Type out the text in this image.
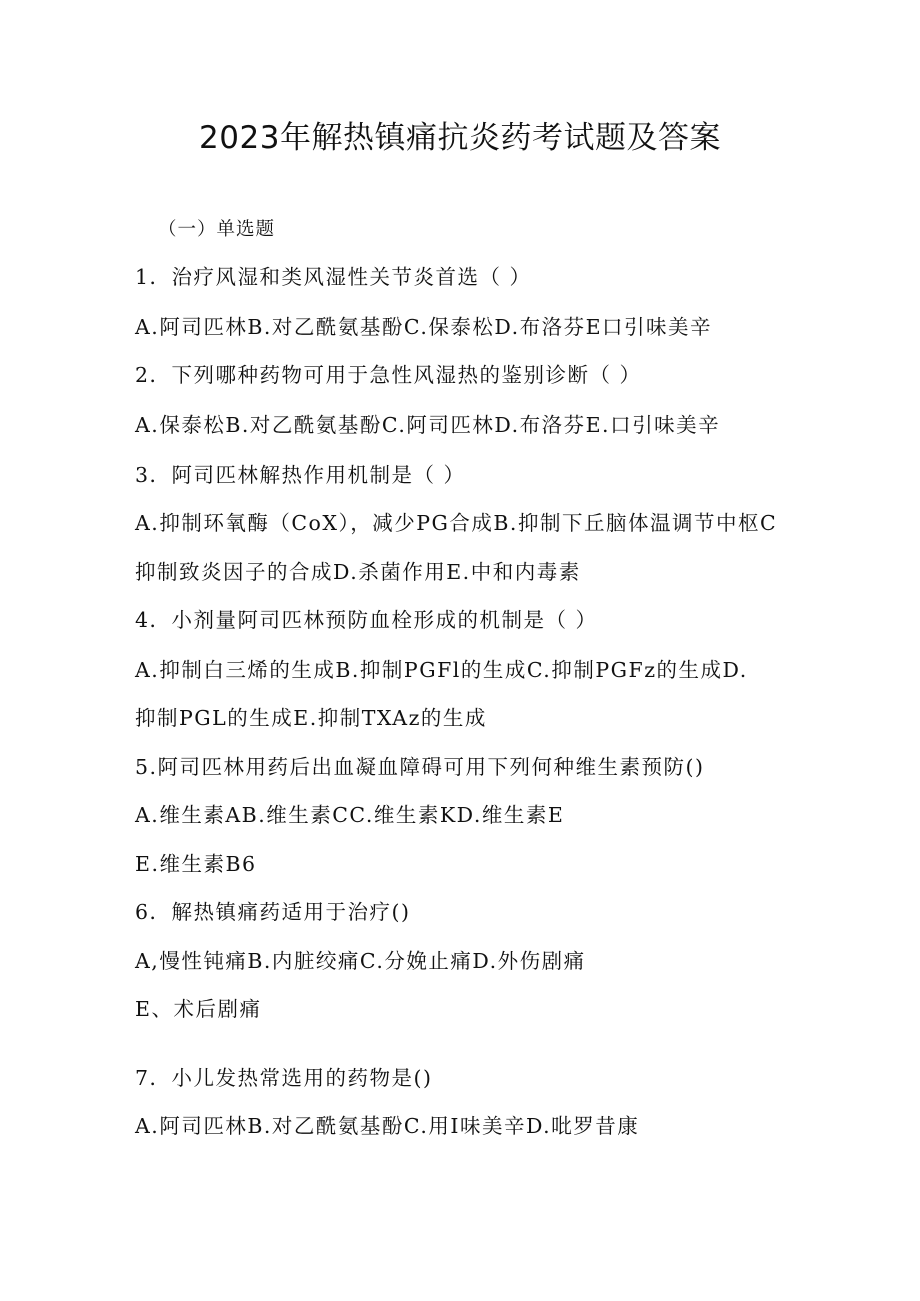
2023年解热镇痛抗炎药考试题及答案
（一）单选题
1．治疗风湿和类风湿性关节炎首选（ ）
A.阿司匹林B.对乙酰氨基酚C.保泰松D.布洛芬E口引味美辛
2．下列哪种药物可用于急性风湿热的鉴别诊断（ ）
A.保泰松B.对乙酰氨基酚C.阿司匹林D.布洛芬E.口引味美辛
3．阿司匹林解热作用机制是（ ）
A.抑制环氧酶（CoX），减少PG合成B.抑制下丘脑体温调节中枢C
抑制致炎因子的合成D.杀菌作用E.中和内毒素
4．小剂量阿司匹林预防血栓形成的机制是（ ）
A.抑制白三烯的生成B.抑制PGFl的生成C.抑制PGFz的生成D.
抑制PGL的生成E.抑制TXAz的生成
5.阿司匹林用药后出血凝血障碍可用下列何种维生素预防()
A.维生素AB.维生素CC.维生素KD.维生素E
E.维生素B6
6．解热镇痛药适用于治疗()
A,慢性钝痛B.内脏绞痛C.分娩止痛D.外伤剧痛
E、术后剧痛
7．小儿发热常选用的药物是()
A.阿司匹林B.对乙酰氨基酚C.用I味美辛D.吡罗昔康
